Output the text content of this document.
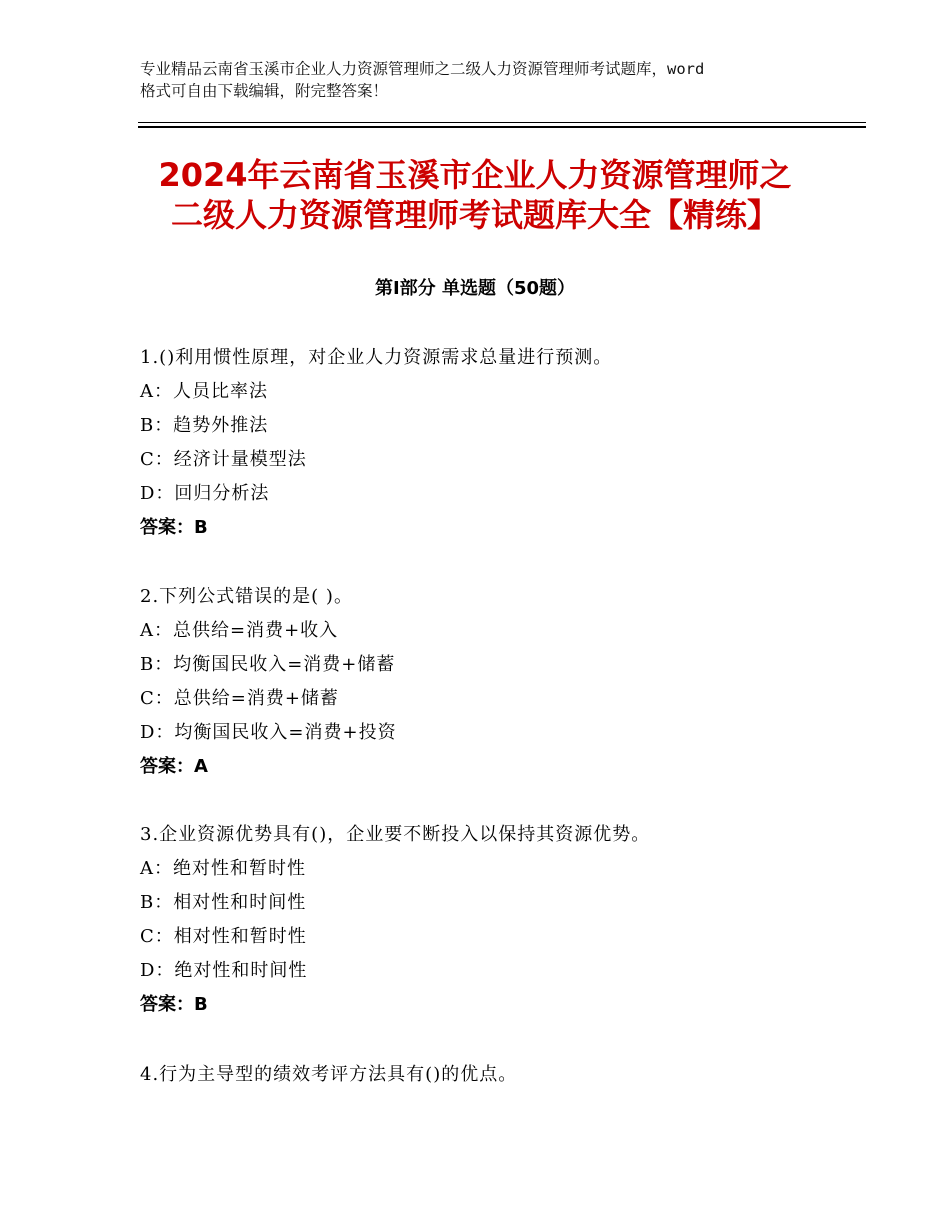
专业精品云南省玉溪市企业人力资源管理师之二级人力资源管理师考试题库，word
格式可自由下载编辑，附完整答案！
2024年云南省玉溪市企业人力资源管理师之
二级人力资源管理师考试题库大全【精练】
第Ⅰ部分 单选题（50题）
1.()利用惯性原理，对企业人力资源需求总量进行预测。
A：人员比率法
B：趋势外推法
C：经济计量模型法
D：回归分析法
答案：B
2.下列公式错误的是( )。
A：总供给=消费+收入
B：均衡国民收入=消费+储蓄
C：总供给=消费+储蓄
D：均衡国民收入=消费+投资
答案：A
3.企业资源优势具有()，企业要不断投入以保持其资源优势。
A：绝对性和暂时性
B：相对性和时间性
C：相对性和暂时性
D：绝对性和时间性
答案：B
4.行为主导型的绩效考评方法具有()的优点。
